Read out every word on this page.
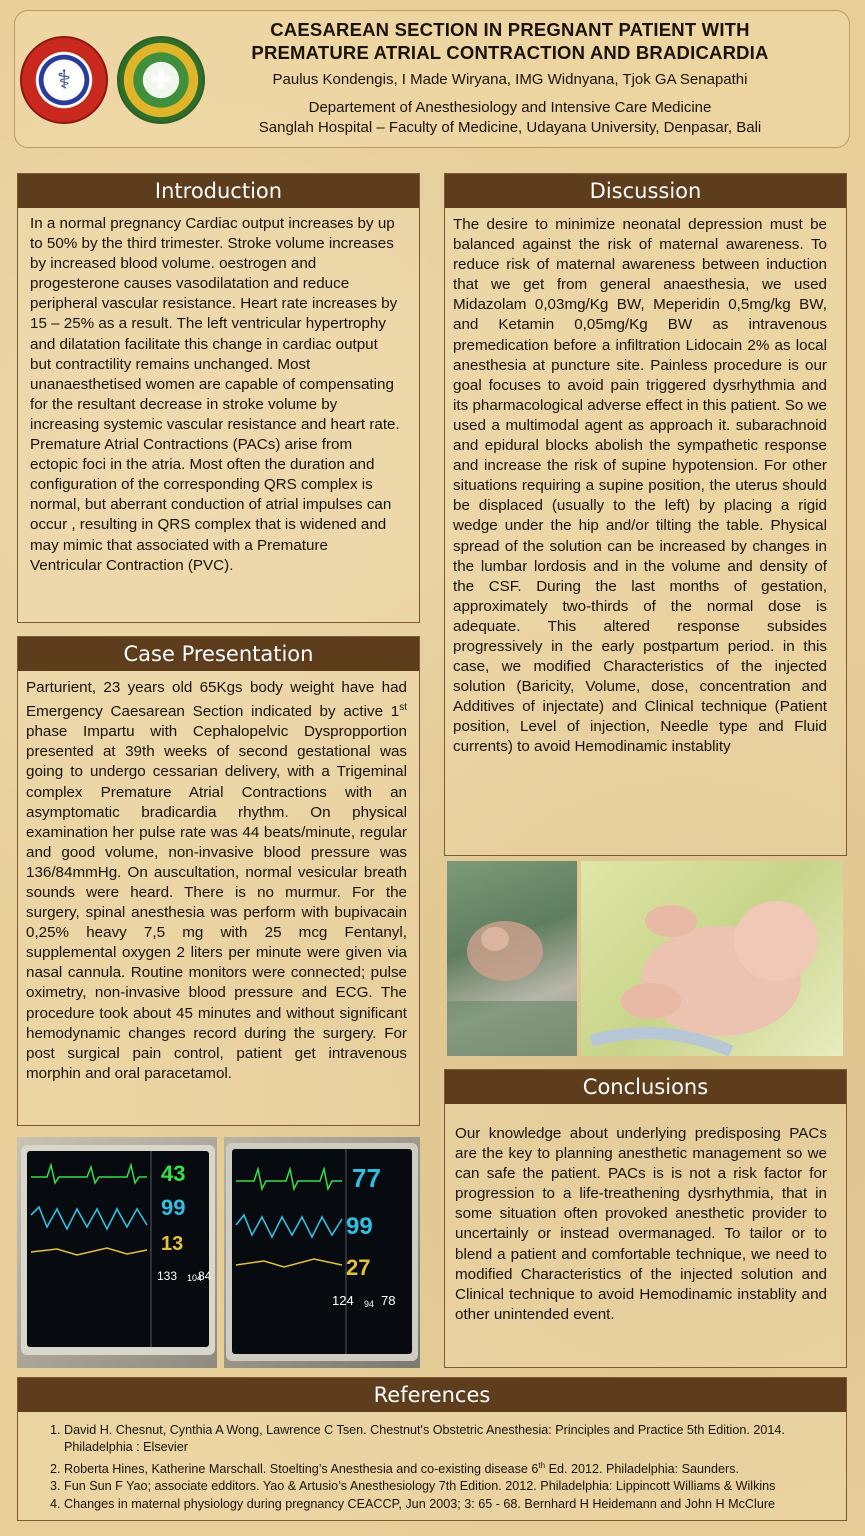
⚕	✚
CAESAREAN SECTION IN PREGNANT PATIENT WITH
PREMATURE ATRIAL CONTRACTION AND BRADICARDIA
Paulus Kondengis, I Made Wiryana, IMG Widnyana, Tjok GA Senapathi
Departement of Anesthesiology and Intensive Care Medicine
Sanglah Hospital – Faculty of Medicine, Udayana University, Denpasar, Bali
Introduction
In a normal pregnancy Cardiac output increases by up to 50% by the third trimester. Stroke volume increases by increased blood volume. oestrogen and progesterone causes vasodilatation and reduce peripheral vascular resistance. Heart rate increases by 15 – 25% as a result. The left ventricular hypertrophy and dilatation facilitate this change in cardiac output but contractility remains unchanged. Most unanaesthetised women are capable of compensating for the resultant decrease in stroke volume by increasing systemic vascular resistance and heart rate. Premature Atrial Contractions (PACs) arise from ectopic foci in the atria. Most often the duration and configuration of the corresponding QRS complex is normal, but aberrant conduction of atrial impulses can occur , resulting in QRS complex that is widened and may mimic that associated with a Premature Ventricular Contraction (PVC).
Case Presentation
Parturient, 23 years old 65Kgs body weight have had Emergency Caesarean Section indicated by active 1st phase Impartu with Cephalopelvic Dyspropportion presented at 39th weeks of second gestational was going to undergo cessarian delivery, with a Trigeminal complex Premature Atrial Contractions with an asymptomatic bradicardia rhythm. On physical examination her pulse rate was 44 beats/minute, regular and good volume, non-invasive blood pressure was 136/84mmHg. On auscultation, normal vesicular breath sounds were heard. There is no murmur. For the surgery, spinal anesthesia was perform with bupivacain 0,25% heavy 7,5 mg with 25 mcg Fentanyl, supplemental oxygen 2 liters per minute were given via nasal cannula. Routine monitors were connected; pulse oximetry, non-invasive blood pressure and ECG. The procedure took about 45 minutes and without significant hemodynamic changes record during the surgery. For post surgical pain control, patient get intravenous morphin and oral paracetamol.
43
99
13
133 104
84
77
99
27
124 94 78
Discussion
The desire to minimize neonatal depression must be balanced against the risk of maternal awareness. To reduce risk of maternal awareness between induction that we get from general anaesthesia, we used Midazolam 0,03mg/Kg BW, Meperidin 0,5mg/kg BW, and Ketamin 0,05mg/Kg BW as intravenous premedication before a infiltration Lidocain 2% as local anesthesia at puncture site. Painless procedure is our goal focuses to avoid pain triggered dysrhythmia and its pharmacological adverse effect in this patient. So we used a multimodal agent as approach it. subarachnoid and epidural blocks abolish the sympathetic response and increase the risk of supine hypotension. For other situations requiring a supine position, the uterus should be displaced (usually to the left) by placing a rigid wedge under the hip and/or tilting the table. Physical spread of the solution can be increased by changes in the lumbar lordosis and in the volume and density of the CSF. During the last months of gestation, approximately two-thirds of the normal dose is adequate. This altered response subsides progressively in the early postpartum period. in this case, we modified Characteristics of the injected solution (Baricity, Volume, dose, concentration and Additives of injectate) and Clinical technique (Patient position, Level of injection, Needle type and Fluid currents) to avoid Hemodinamic instablity
Conclusions
Our knowledge about underlying predisposing PACs are the key to planning anesthetic management so we can safe the patient. PACs is is not a risk factor for progression to a life-treathening dysrhythmia, that in some situation often provoked anesthetic provider to uncertainly or instead overmanaged. To tailor or to blend a patient and comfortable technique, we need to modified Characteristics of the injected solution and Clinical technique to avoid Hemodinamic instablity and other unintended event.
References
1. David H. Chesnut, Cynthia A Wong, Lawrence C Tsen. Chestnut's Obstetric Anesthesia: Principles and Practice 5th Edition. 2014. Philadelphia : Elsevier
2. Roberta Hines, Katherine Marschall. Stoelting’s Anesthesia and co-existing disease 6th Ed. 2012. Philadelphia: Saunders.
3. Fun Sun F Yao; associate edditors. Yao & Artusio’s Anesthesiology 7th Edition. 2012. Philadelphia: Lippincott Williams & Wilkins
4. Changes in maternal physiology during pregnancy CEACCP, Jun 2003; 3: 65 - 68. Bernhard H Heidemann and John H McClure
